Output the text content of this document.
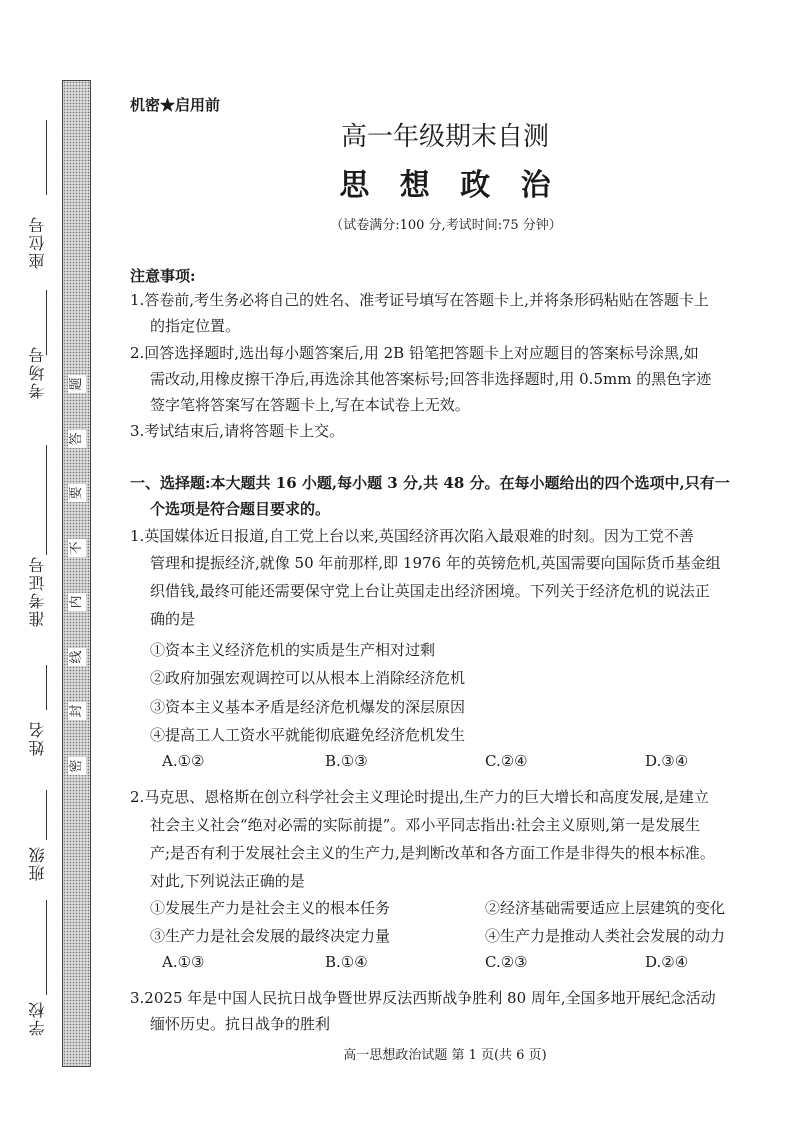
题
答
要
不
内
线
封
密
座位号
考场号
准考证号
姓名
班级
学校
机密★启用前
高一年级期末自测
思 想 政 治
（试卷满分:100 分,考试时间:75 分钟）
注意事项:
1.答卷前,考生务必将自己的姓名、准考证号填写在答题卡上,并将条形码粘贴在答题卡上
的指定位置。
2.回答选择题时,选出每小题答案后,用 2B 铅笔把答题卡上对应题目的答案标号涂黑,如
需改动,用橡皮擦干净后,再选涂其他答案标号;回答非选择题时,用 0.5mm 的黑色字迹
签字笔将答案写在答题卡上,写在本试卷上无效。
3.考试结束后,请将答题卡上交。
一、选择题:本大题共 16 小题,每小题 3 分,共 48 分。在每小题给出的四个选项中,只有一
个选项是符合题目要求的。
1.英国媒体近日报道,自工党上台以来,英国经济再次陷入最艰难的时刻。因为工党不善
管理和提振经济,就像 50 年前那样,即 1976 年的英镑危机,英国需要向国际货币基金组
织借钱,最终可能还需要保守党上台让英国走出经济困境。下列关于经济危机的说法正
确的是
①资本主义经济危机的实质是生产相对过剩
②政府加强宏观调控可以从根本上消除经济危机
③资本主义基本矛盾是经济危机爆发的深层原因
④提高工人工资水平就能彻底避免经济危机发生
A.①②	B.①③	C.②④	D.③④
2.马克思、恩格斯在创立科学社会主义理论时提出,生产力的巨大增长和高度发展,是建立
社会主义社会“绝对必需的实际前提”。邓小平同志指出:社会主义原则,第一是发展生
产;是否有利于发展社会主义的生产力,是判断改革和各方面工作是非得失的根本标准。
对此,下列说法正确的是
①发展生产力是社会主义的根本任务	②经济基础需要适应上层建筑的变化
③生产力是社会发展的最终决定力量	④生产力是推动人类社会发展的动力
A.①③	B.①④	C.②③	D.②④
3.2025 年是中国人民抗日战争暨世界反法西斯战争胜利 80 周年,全国多地开展纪念活动
缅怀历史。抗日战争的胜利
高一思想政治试题 第 1 页(共 6 页)
